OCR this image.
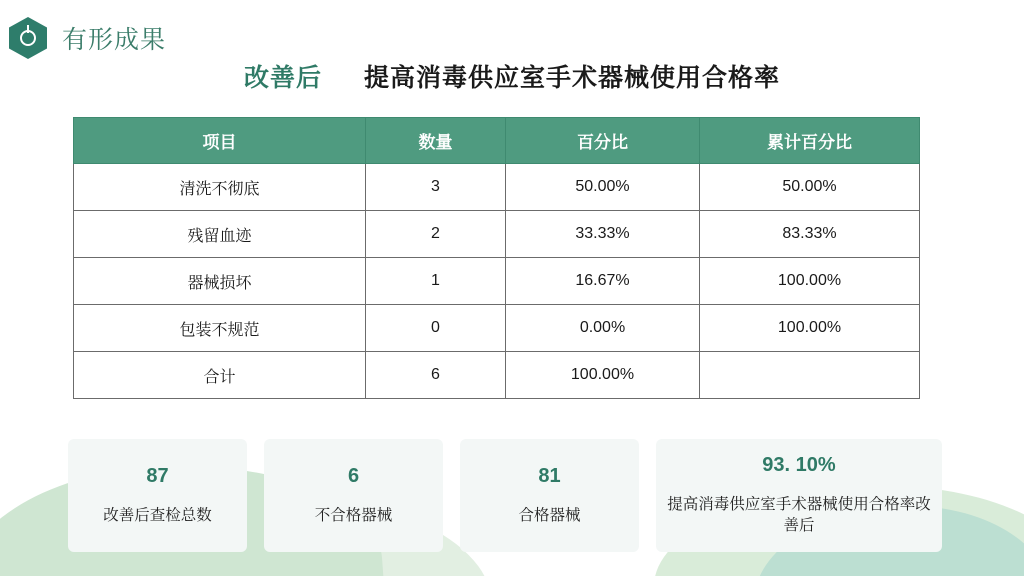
有形成果
改善后 提高消毒供应室手术器械使用合格率
项目	数量	百分比	累计百分比
清洗不彻底	3	50.00%	50.00%
残留血迹	2	33.33%	83.33%
器械损坏	1	16.67%	100.00%
包装不规范	0	0.00%	100.00%
合计	6	100.00%	
87
改善后查检总数
6
不合格器械
81
合格器械
93. 10%
提高消毒供应室手术器械使用合格率改善后
